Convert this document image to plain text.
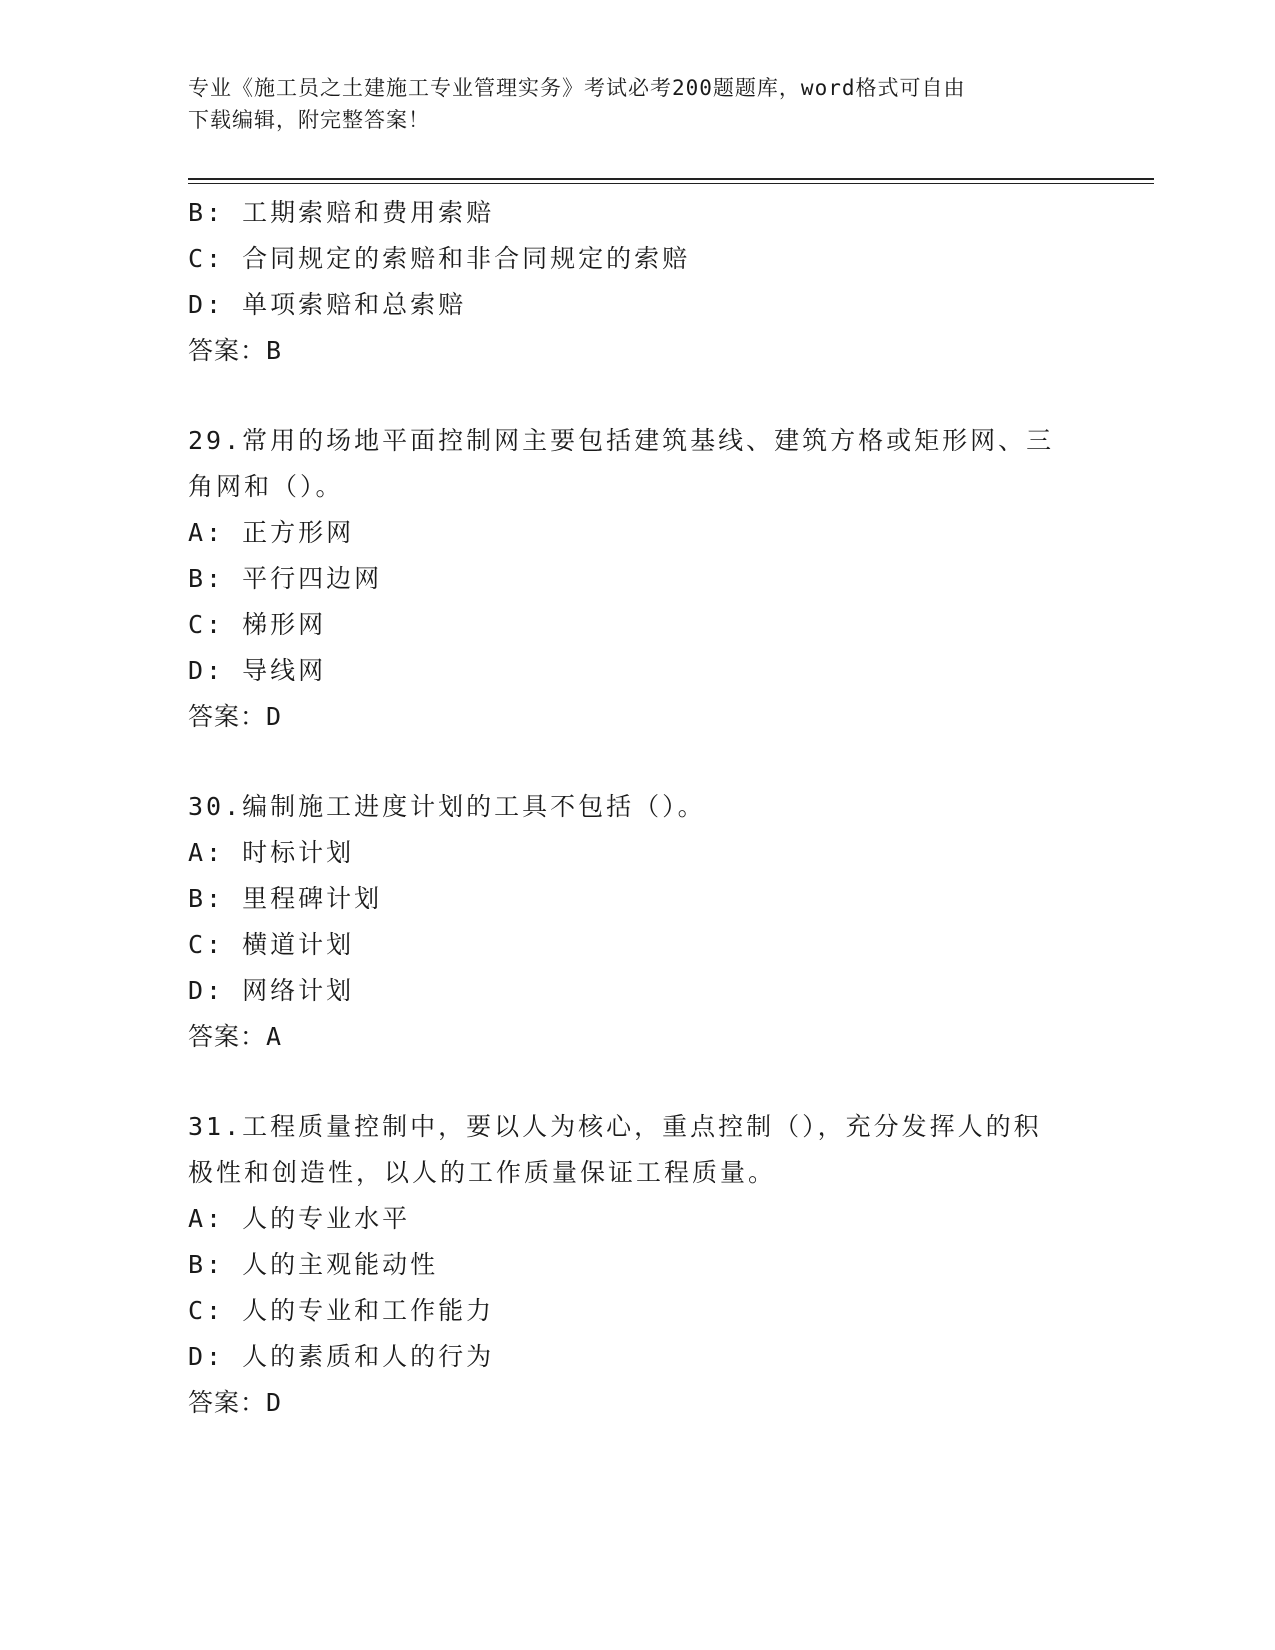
专业《施工员之土建施工专业管理实务》考试必考200题题库，word格式可自由
下载编辑，附完整答案！
B: 工期索赔和费用索赔
C: 合同规定的索赔和非合同规定的索赔
D: 单项索赔和总索赔
答案：B
29.常用的场地平面控制网主要包括建筑基线、建筑方格或矩形网、三
角网和（）。
A: 正方形网
B: 平行四边网
C: 梯形网
D: 导线网
答案：D
30.编制施工进度计划的工具不包括（）。
A: 时标计划
B: 里程碑计划
C: 横道计划
D: 网络计划
答案：A
31.工程质量控制中，要以人为核心，重点控制（），充分发挥人的积
极性和创造性，以人的工作质量保证工程质量。
A: 人的专业水平
B: 人的主观能动性
C: 人的专业和工作能力
D: 人的素质和人的行为
答案：D
